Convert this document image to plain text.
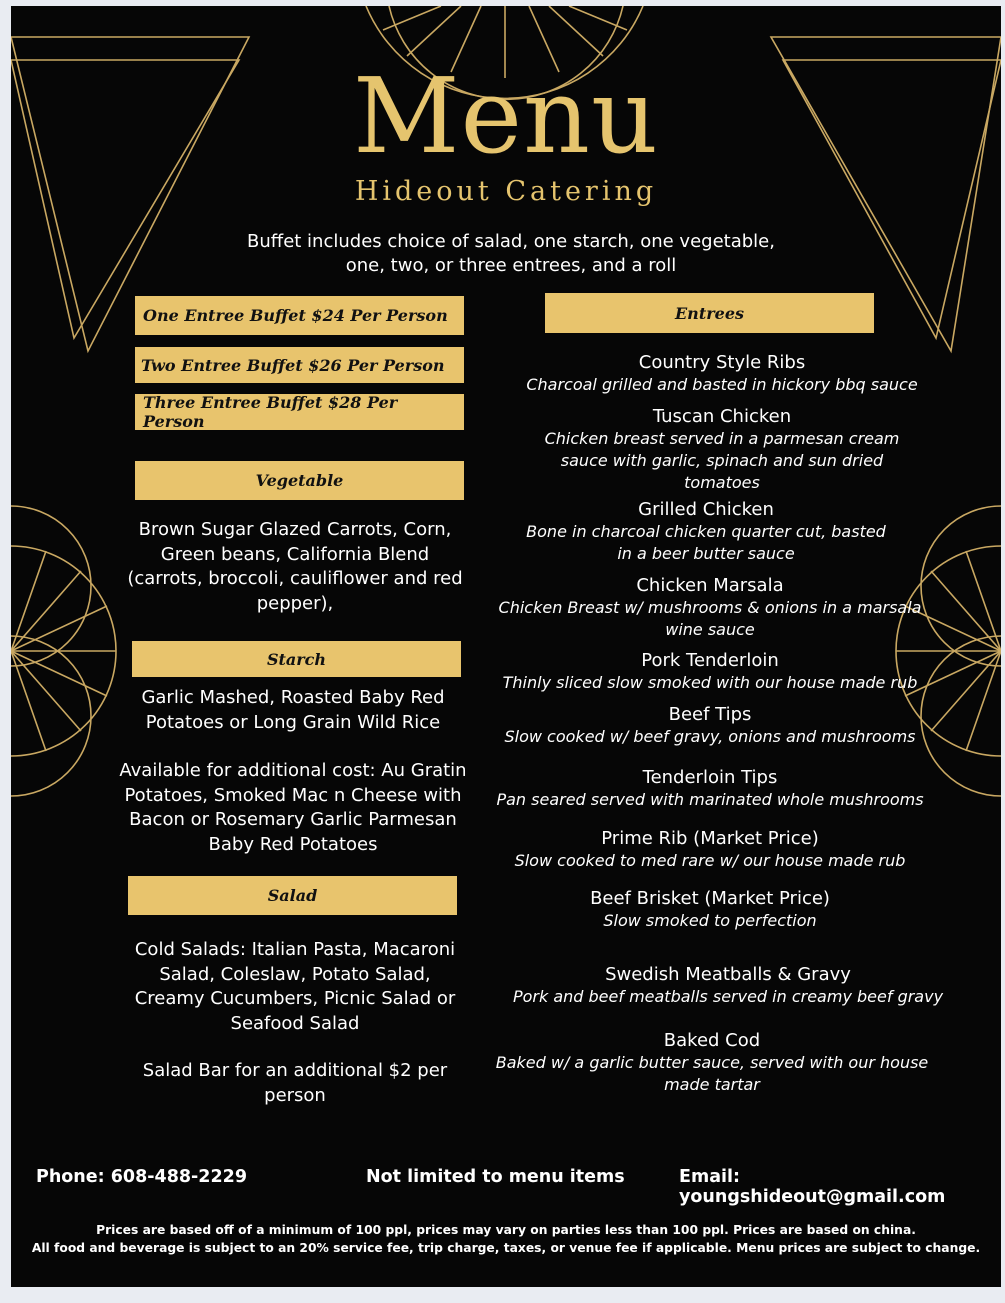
Menu
Hideout Catering
Buffet includes choice of salad, one starch, one vegetable,
one, two, or three entrees, and a roll
One Entree Buffet $24 Per Person
Two Entree Buffet $26 Per Person
Three Entree Buffet $28 Per Person
Vegetable
Brown Sugar Glazed Carrots, Corn,
Green beans, California Blend
(carrots, broccoli, cauliflower and red
pepper),
Starch
Garlic Mashed, Roasted Baby Red
Potatoes or Long Grain Wild Rice
Available for additional cost: Au Gratin
Potatoes, Smoked Mac n Cheese with
Bacon or Rosemary Garlic Parmesan
Baby Red Potatoes
Salad
Cold Salads: Italian Pasta, Macaroni
Salad, Coleslaw, Potato Salad,
Creamy Cucumbers, Picnic Salad or
Seafood Salad
Salad Bar for an additional $2 per
person
Entrees
Country Style Ribs
Charcoal grilled and basted in hickory bbq sauce
Tuscan Chicken
Chicken breast served in a parmesan cream
sauce with garlic, spinach and sun dried
tomatoes
Grilled Chicken
Bone in charcoal chicken quarter cut, basted
in a beer butter sauce
Chicken Marsala
Chicken Breast w/ mushrooms & onions in a marsala
wine sauce
Pork Tenderloin
Thinly sliced slow smoked with our house made rub
Beef Tips
Slow cooked w/ beef gravy, onions and mushrooms
Tenderloin Tips
Pan seared served with marinated whole mushrooms
Prime Rib (Market Price)
Slow cooked to med rare w/ our house made rub
Beef Brisket (Market Price)
Slow smoked to perfection
Swedish Meatballs & Gravy
Pork and beef meatballs served in creamy beef gravy
Baked Cod
Baked w/ a garlic butter sauce, served with our house
made tartar
Phone: 608-488-2229	Not limited to menu items	Email: youngshideout@gmail.com
Prices are based off of a minimum of 100 ppl, prices may vary on parties less than 100 ppl. Prices are based on china.
All food and beverage is subject to an 20% service fee, trip charge, taxes, or venue fee if applicable. Menu prices are subject to change.
